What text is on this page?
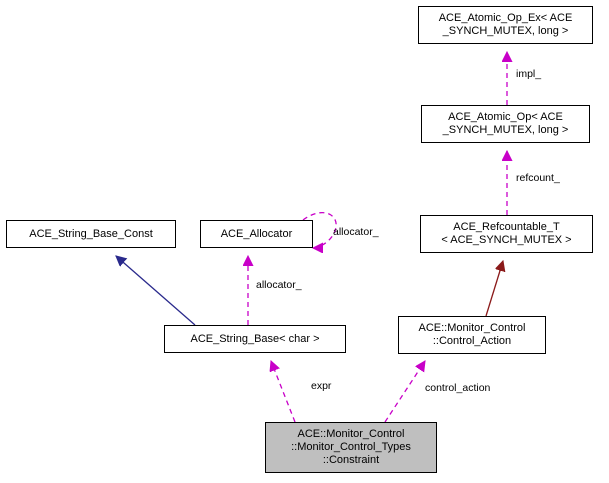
ACE_Atomic_Op_Ex< ACE
_SYNCH_MUTEX, long >
ACE_Atomic_Op< ACE
_SYNCH_MUTEX, long >
ACE_Refcountable_T
< ACE_SYNCH_MUTEX >
ACE_String_Base_Const	ACE_Allocator
ACE_String_Base< char >
ACE::Monitor_Control
::Control_Action
ACE::Monitor_Control
::Monitor_Control_Types
::Constraint
impl_
refcount_
allocator_
allocator_
expr	control_action
